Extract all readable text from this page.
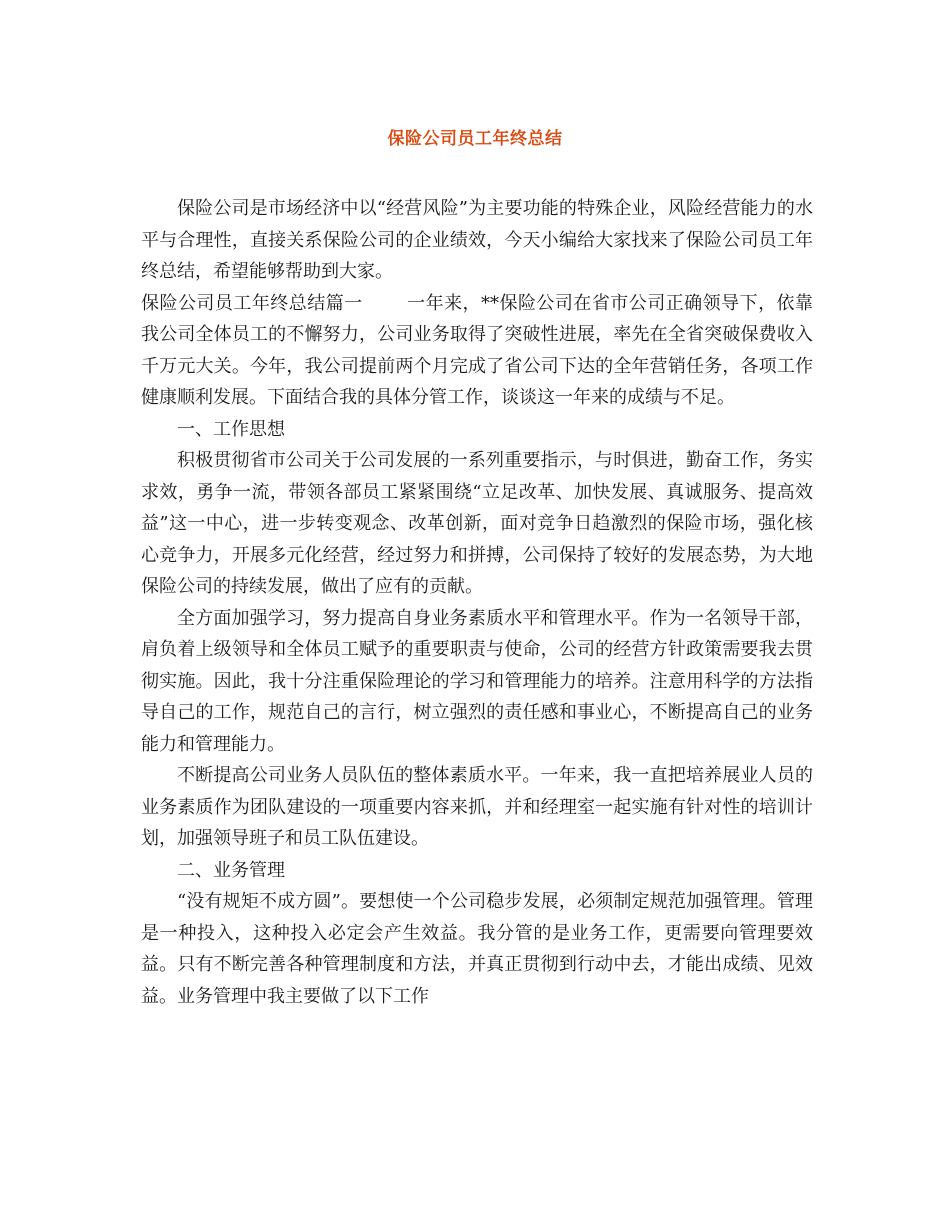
保险公司员工年终总结

保险公司是市场经济中以“经营风险”为主要功能的特殊企业，风险经营能力的水平与合理性，直接关系保险公司的企业绩效，今天小编给大家找来了保险公司员工年终总结，希望能够帮助到大家。

保险公司员工年终总结篇一 一年来，**保险公司在省市公司正确领导下，依靠我公司全体员工的不懈努力，公司业务取得了突破性进展，率先在全省突破保费收入千万元大关。今年，我公司提前两个月完成了省公司下达的全年营销任务，各项工作健康顺利发展。下面结合我的具体分管工作，谈谈这一年来的成绩与不足。

一、工作思想

积极贯彻省市公司关于公司发展的一系列重要指示，与时俱进，勤奋工作，务实求效，勇争一流，带领各部员工紧紧围绕“立足改革、加快发展、真诚服务、提高效益”这一中心，进一步转变观念、改革创新，面对竞争日趋激烈的保险市场，强化核心竞争力，开展多元化经营，经过努力和拼搏，公司保持了较好的发展态势，为大地保险公司的持续发展，做出了应有的贡献。

全方面加强学习，努力提高自身业务素质水平和管理水平。作为一名领导干部，肩负着上级领导和全体员工赋予的重要职责与使命，公司的经营方针政策需要我去贯彻实施。因此，我十分注重保险理论的学习和管理能力的培养。注意用科学的方法指导自己的工作，规范自己的言行，树立强烈的责任感和事业心，不断提高自己的业务能力和管理能力。

不断提高公司业务人员队伍的整体素质水平。一年来，我一直把培养展业人员的业务素质作为团队建设的一项重要内容来抓，并和经理室一起实施有针对性的培训计划，加强领导班子和员工队伍建设。

二、业务管理

“没有规矩不成方圆”。要想使一个公司稳步发展，必须制定规范加强管理。管理是一种投入，这种投入必定会产生效益。我分管的是业务工作，更需要向管理要效益。只有不断完善各种管理制度和方法，并真正贯彻到行动中去，才能出成绩、见效益。业务管理中我主要做了以下工作
